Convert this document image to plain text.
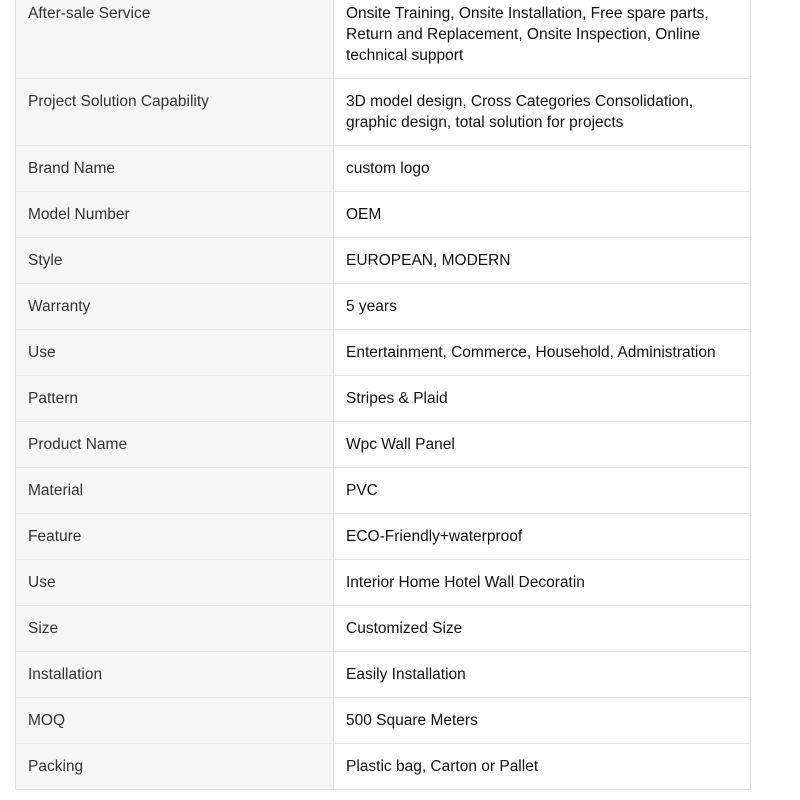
After-sale Service	Onsite Training, Onsite Installation, Free spare parts, Return and Replacement, Onsite Inspection, Online technical support
Project Solution Capability	3D model design, Cross Categories Consolidation, graphic design, total solution for projects
Brand Name	custom logo
Model Number	OEM
Style	EUROPEAN, MODERN
Warranty	5 years
Use	Entertainment, Commerce, Household, Administration
Pattern	Stripes & Plaid
Product Name	Wpc Wall Panel
Material	PVC
Feature	ECO-Friendly+waterproof
Use	Interior Home Hotel Wall Decoratin
Size	Customized Size
Installation	Easily Installation
MOQ	500 Square Meters
Packing	Plastic bag, Carton or Pallet
